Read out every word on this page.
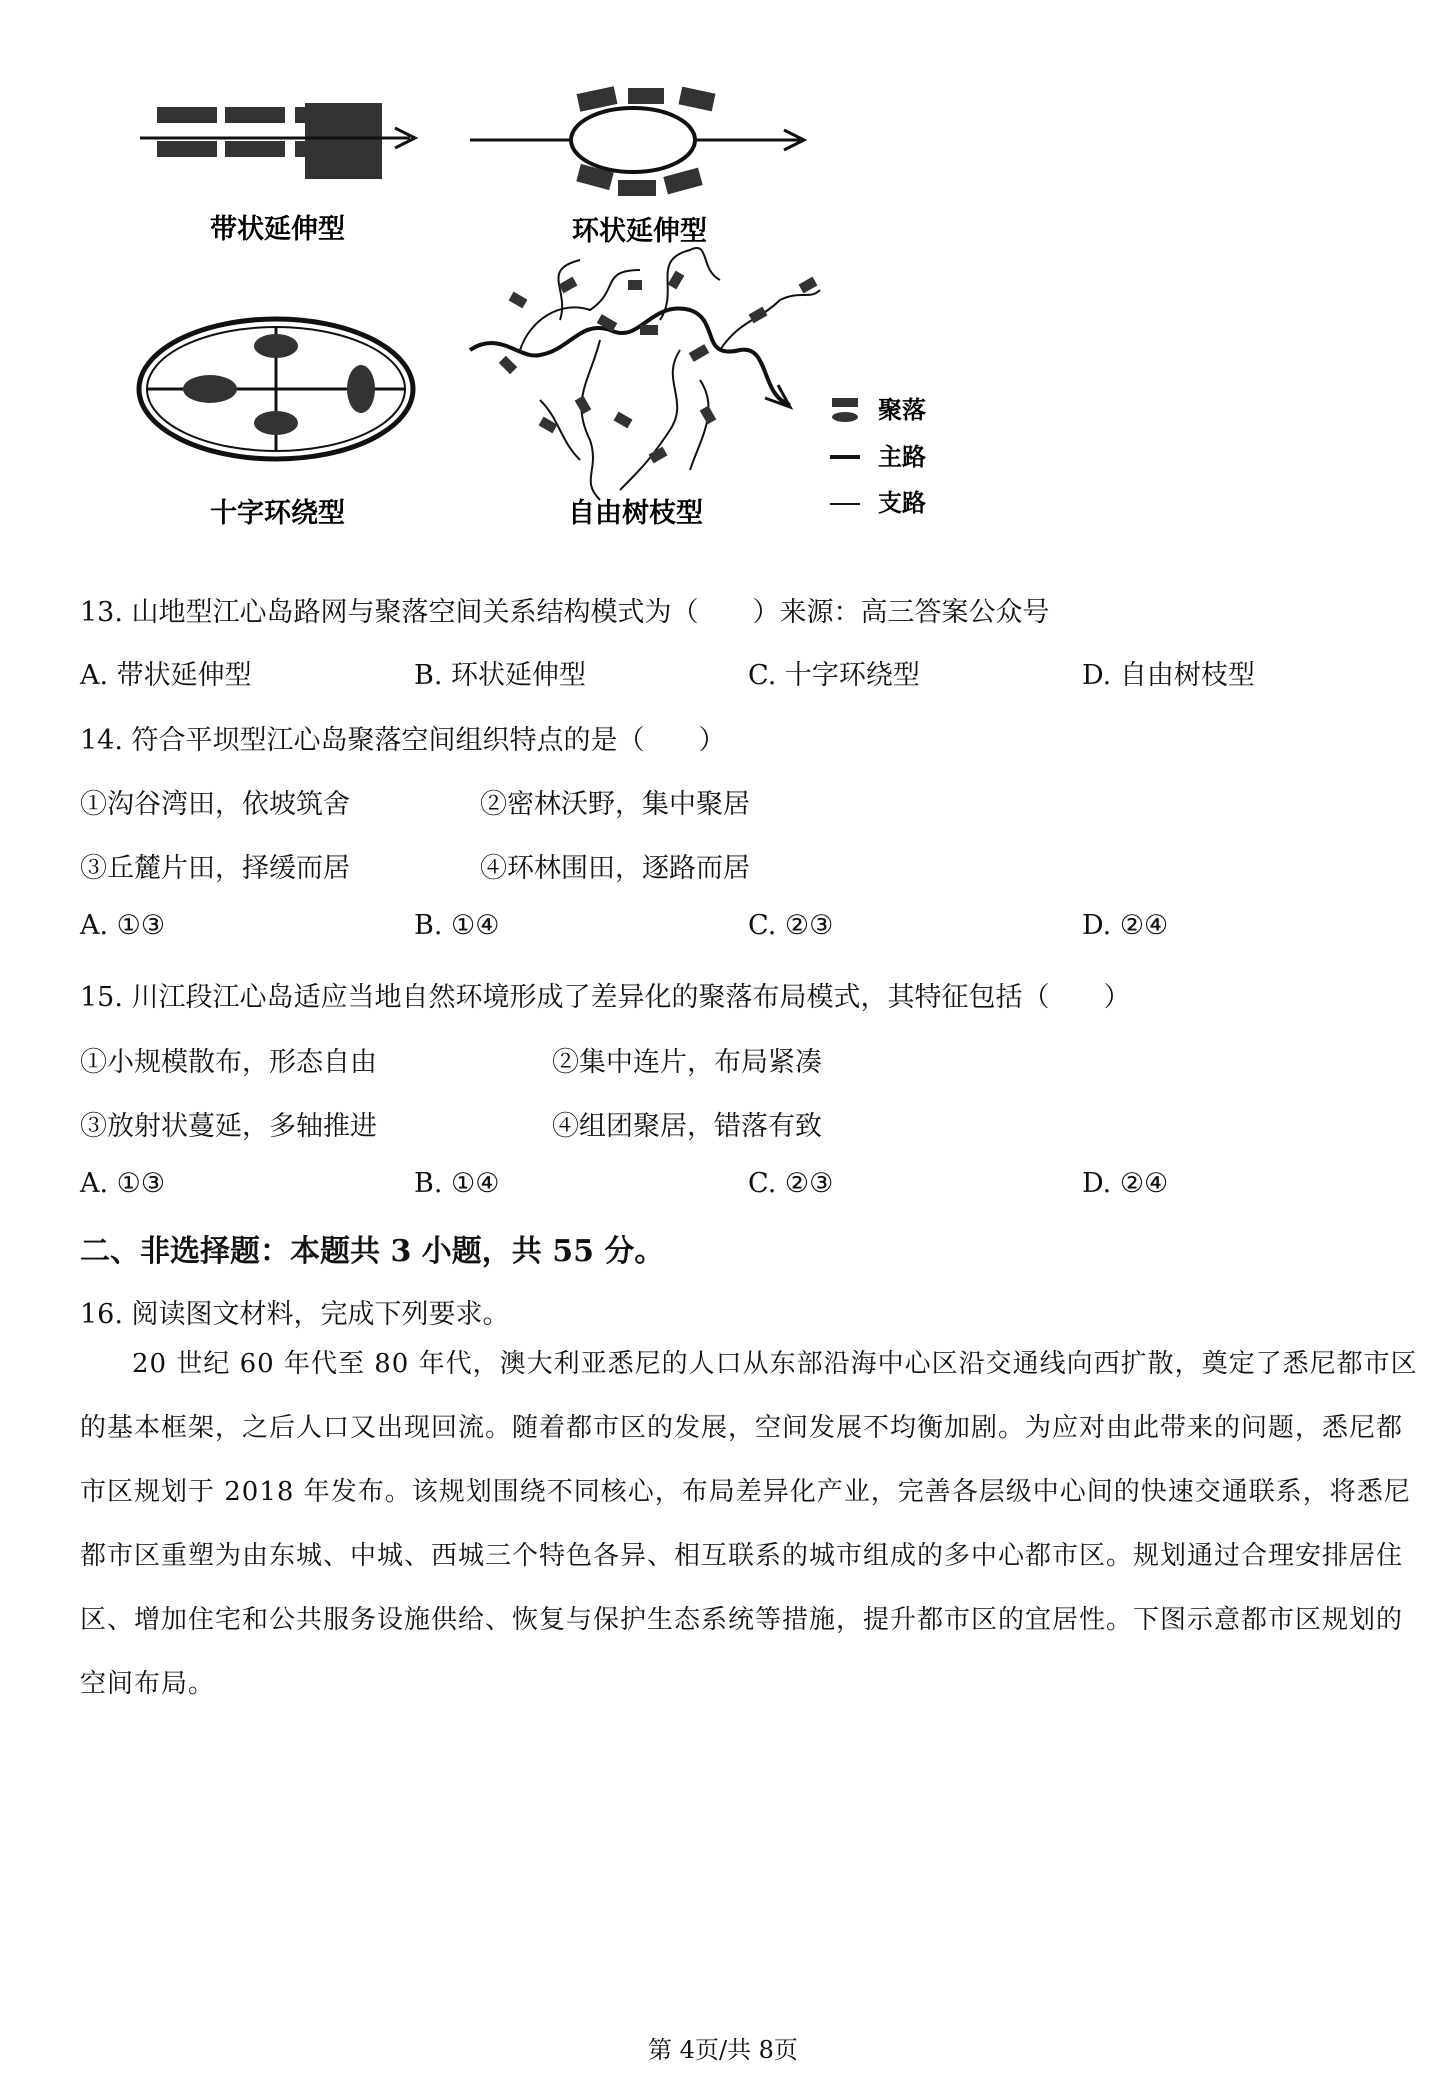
带状延伸型	环状延伸型
十字环绕型	自由树枝型
聚落
主路
支路
13. 山地型江心岛路网与聚落空间关系结构模式为（　　）来源：高三答案公众号
A. 带状延伸型	B. 环状延伸型	C. 十字环绕型	D. 自由树枝型
14. 符合平坝型江心岛聚落空间组织特点的是（　　）
①沟谷湾田，依坡筑舍	②密林沃野，集中聚居
③丘麓片田，择缓而居	④环林围田，逐路而居
A. ①③	B. ①④	C. ②③	D. ②④
15. 川江段江心岛适应当地自然环境形成了差异化的聚落布局模式，其特征包括（　　）
①小规模散布，形态自由	②集中连片，布局紧凑
③放射状蔓延，多轴推进	④组团聚居，错落有致
A. ①③	B. ①④	C. ②③	D. ②④
二、非选择题：本题共 3 小题，共 55 分。
16. 阅读图文材料，完成下列要求。
20 世纪 60 年代至 80 年代，澳大利亚悉尼的人口从东部沿海中心区沿交通线向西扩散，奠定了悉尼都市区的基本框架，之后人口又出现回流。随着都市区的发展，空间发展不均衡加剧。为应对由此带来的问题，悉尼都市区规划于 2018 年发布。该规划围绕不同核心，布局差异化产业，完善各层级中心间的快速交通联系，将悉尼都市区重塑为由东城、中城、西城三个特色各异、相互联系的城市组成的多中心都市区。规划通过合理安排居住区、增加住宅和公共服务设施供给、恢复与保护生态系统等措施，提升都市区的宜居性。下图示意都市区规划的空间布局。
第 4页/共 8页
